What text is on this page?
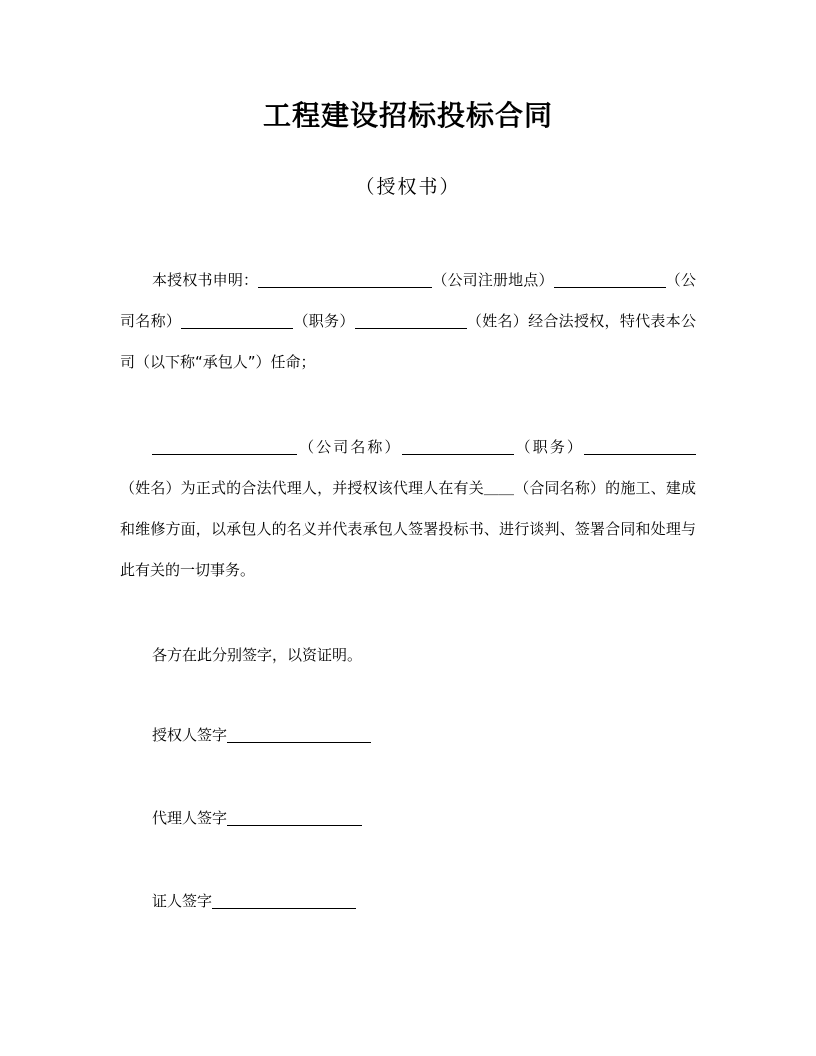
工程建设招标投标合同
（授权书）
本授权书申明：	（公司注册地点）	（公司名称）	（职务）	（姓名）经合法授权，特代表本公司（以下称“承包人”）任命；
（公司名称）	（职务）（姓名）为正式的合法代理人，并授权该代理人在有关＿＿（合同名称）的施工、建成和维修方面，以承包人的名义并代表承包人签署投标书、进行谈判、签署合同和处理与此有关的一切事务。
各方在此分别签字，以资证明。
授权人签字
代理人签字
证人签字
